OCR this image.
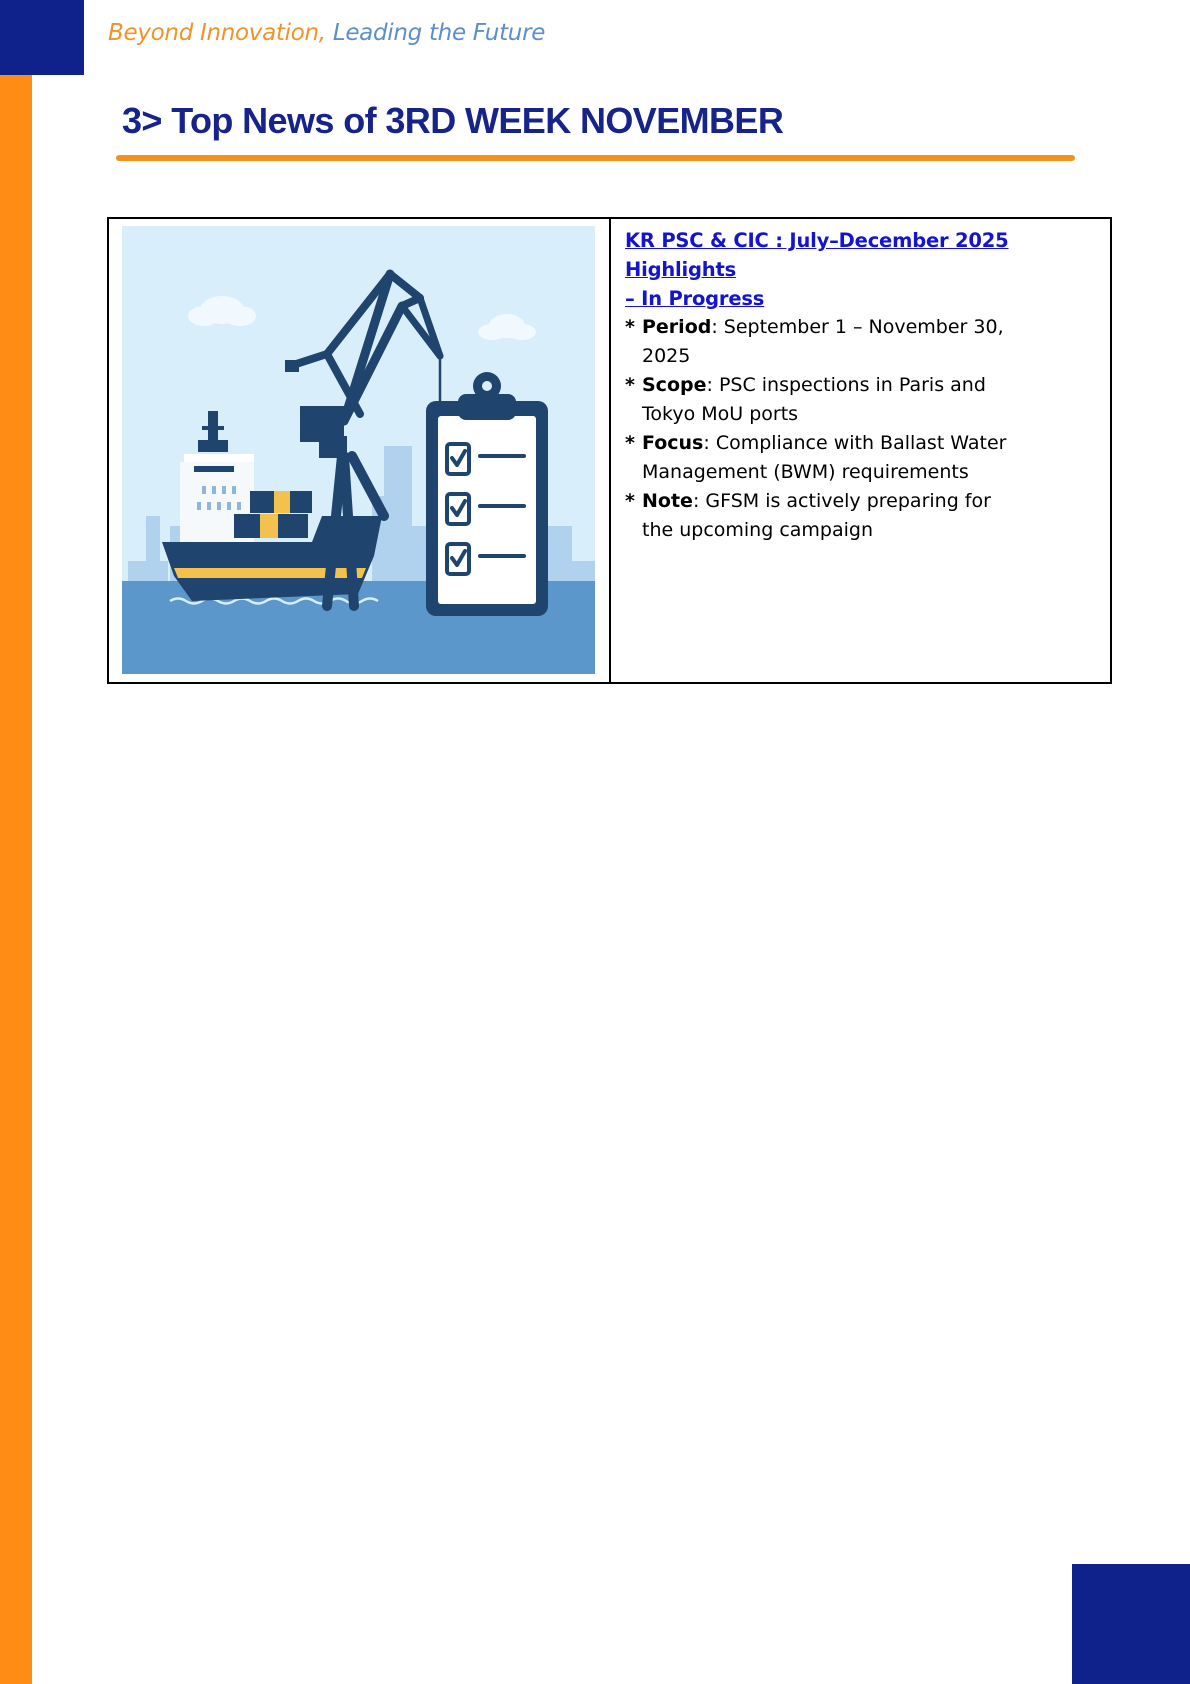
Beyond Innovation, Leading the Future
3> Top News of 3RD WEEK NOVEMBER
KR PSC & CIC : July–December 2025 Highlights
– In Progress
* Period: September 1 – November 30,
2025
* Scope: PSC inspections in Paris and
Tokyo MoU ports
* Focus: Compliance with Ballast Water
Management (BWM) requirements
* Note: GFSM is actively preparing for
the upcoming campaign
